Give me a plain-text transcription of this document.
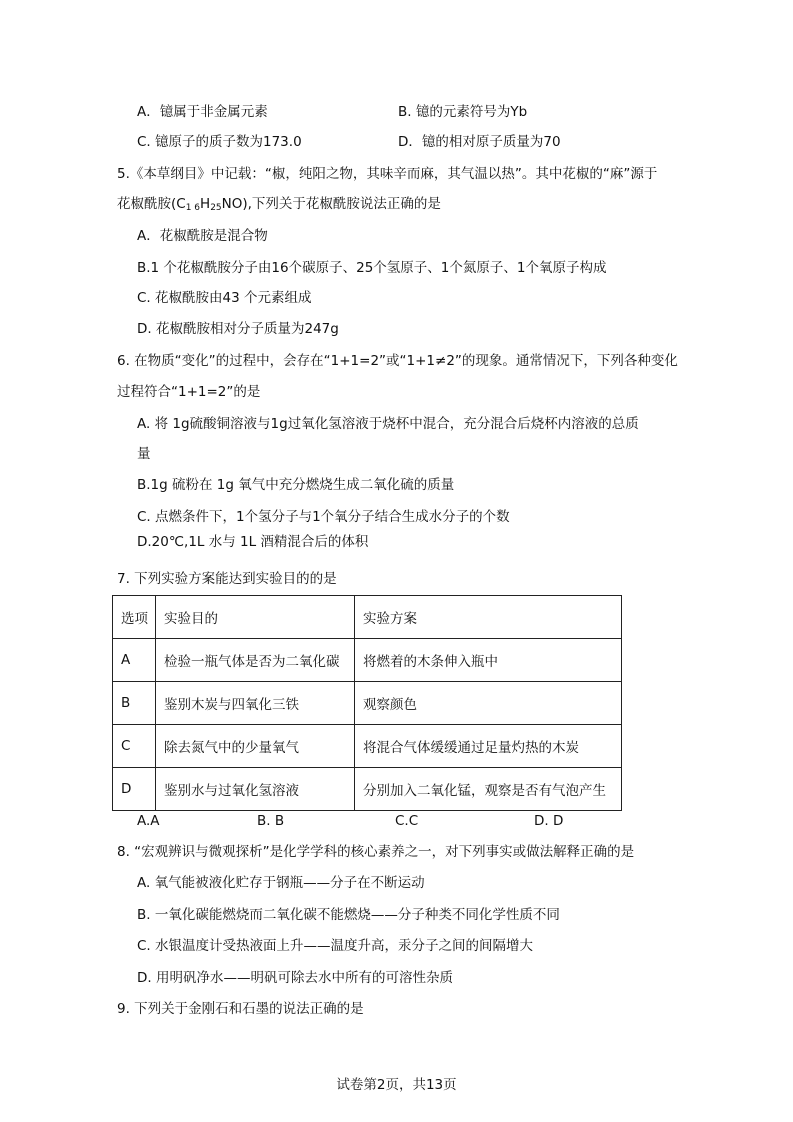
A．镱属于非金属元素	B. 镱的元素符号为Yb
C. 镱原子的质子数为173.0	D．镱的相对原子质量为70
5.《本草纲目》中记载：“椒，纯阳之物，其味辛而麻，其气温以热”。其中花椒的“麻”源于
花椒酰胺$(C_{1 6}H_{25}NO)$,下列关于花椒酰胺说法正确的是
A．花椒酰胺是混合物
B.1 个花椒酰胺分子由16个碳原子、25个氢原子、1个氮原子、1个氧原子构成
C. 花椒酰胺由43 个元素组成
D. 花椒酰胺相对分子质量为247g
6. 在物质“变化”的过程中，会存在“1+1=2”或“1+1≠2”的现象。通常情况下，下列各种变化
过程符合“1+1=2”的是
A. 将 1g硫酸铜溶液与1g过氧化氢溶液于烧杯中混合，充分混合后烧杯内溶液的总质
量
B.1g 硫粉在 1g 氧气中充分燃烧生成二氧化硫的质量
C. 点燃条件下，1个氢分子与1个氧分子结合生成水分子的个数
D.20℃,1L 水与 1L 酒精混合后的体积
7. 下列实验方案能达到实验目的的是
选项	实验目的	实验方案
A	检验一瓶气体是否为二氧化碳	将燃着的木条伸入瓶中
B	鉴别木炭与四氧化三铁	观察颜色
C	除去氮气中的少量氧气	将混合气体缓缓通过足量灼热的木炭
D	鉴别水与过氧化氢溶液	分别加入二氧化锰，观察是否有气泡产生
A.A	B. B	C.C	D. D
8. “宏观辨识与微观探析”是化学学科的核心素养之一，对下列事实或做法解释正确的是
A. 氧气能被液化贮存于钢瓶——分子在不断运动
B. 一氧化碳能燃烧而二氧化碳不能燃烧——分子种类不同化学性质不同
C. 水银温度计受热液面上升——温度升高，汞分子之间的间隔增大
D. 用明矾净水——明矾可除去水中所有的可溶性杂质
9. 下列关于金刚石和石墨的说法正确的是
试卷第2页，共13页
